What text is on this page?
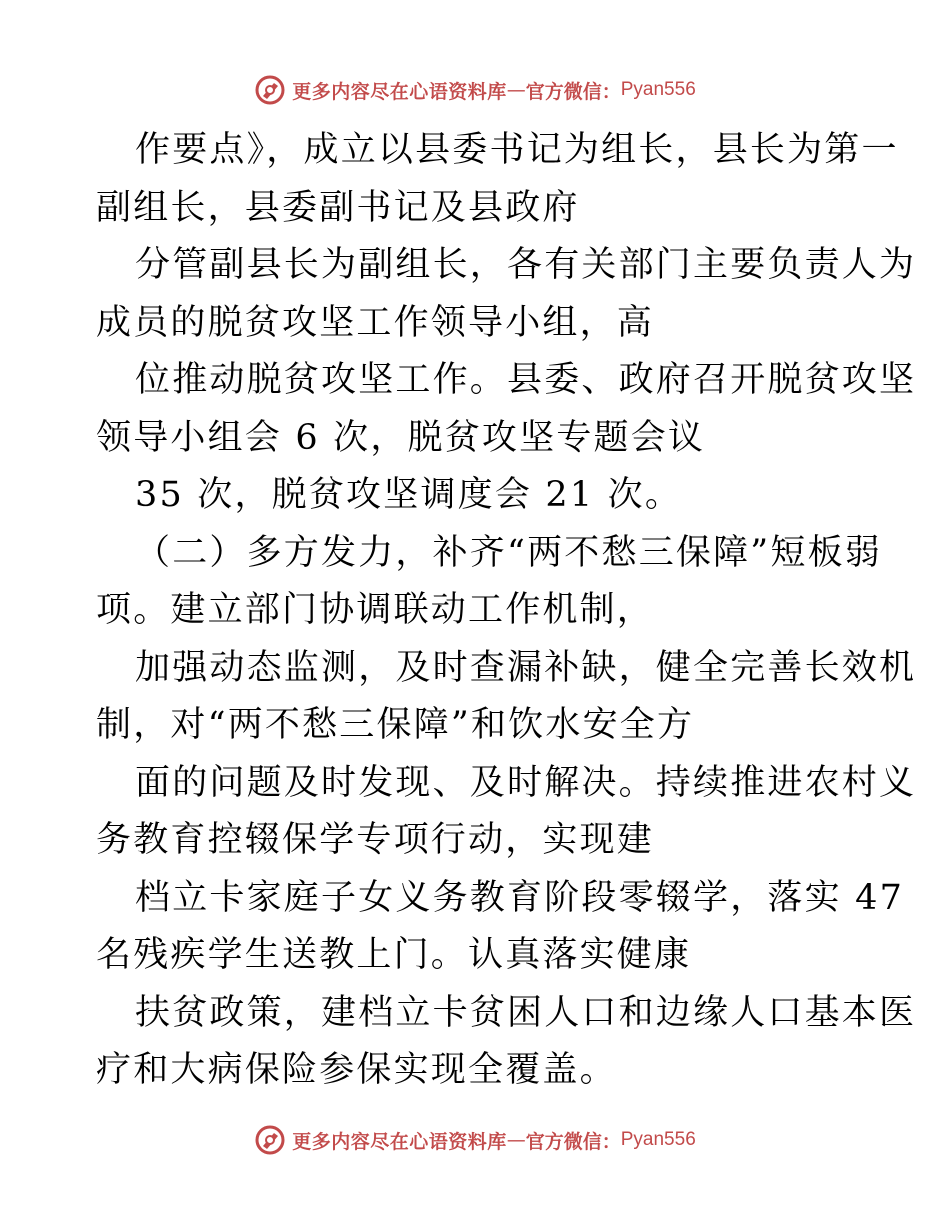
更多内容尽在心语资料库 — 官方微信： Pyan556
作要点》，成立以县委书记为组长，县长为第一
副组长，县委副书记及县政府
分管副县长为副组长，各有关部门主要负责人为
成员的脱贫攻坚工作领导小组，高
位推动脱贫攻坚工作。县委、政府召开脱贫攻坚
领导小组会 6 次，脱贫攻坚专题会议
35 次，脱贫攻坚调度会 21 次。
（二）多方发力，补齐“两不愁三保障”短板弱
项。建立部门协调联动工作机制，
加强动态监测，及时查漏补缺，健全完善长效机
制，对“两不愁三保障”和饮水安全方
面的问题及时发现、及时解决。持续推进农村义
务教育控辍保学专项行动，实现建
档立卡家庭子女义务教育阶段零辍学，落实 47
名残疾学生送教上门。认真落实健康
扶贫政策，建档立卡贫困人口和边缘人口基本医
疗和大病保险参保实现全覆盖。
更多内容尽在心语资料库 — 官方微信： Pyan556
